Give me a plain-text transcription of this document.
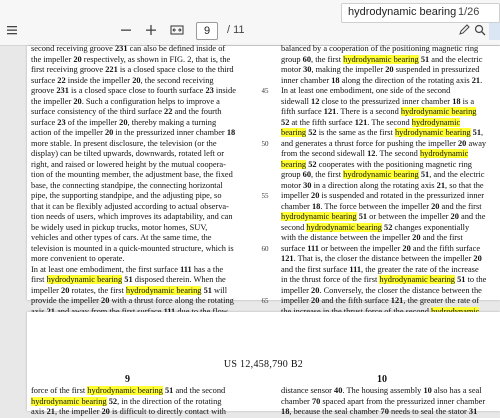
9	/ 11
hydrodynamic bearing 1/26
second receiving groove 231 can also be defined inside of
the impeller 20 respectively, as shown in FIG. 2, that is, the
first receiving groove 221 is a closed space close to the third
surface 22 inside the impeller 20, the second receiving
groove 231 is a closed space close to fourth surface 23 inside
the impeller 20. Such a configuration helps to improve a
surface consistency of the third surface 22 and the fourth
surface 23 of the impeller 20, thereby making a turning
action of the impeller 20 in the pressurized inner chamber 18
more stable. In present disclosure, the television (or the
display) can be tilted upwards, downwards, rotated left or
right, and raised or lowered height by the mutual coopera-
tion of the mounting member, the adjustment base, the fixed
base, the connecting standpipe, the connecting horizontal
pipe, the supporting standpipe, and the adjusting pipe, so
that it can be flexibly adjusted according to actual observa-
tion needs of users, which improves its adaptability, and can
be widely used in pickup trucks, motor homes, SUV,
vehicles and other types of cars. At the same time, the
television is mounted in a quick-mounted structure, which is
more convenient to operate.
In at least one embodiment, the first surface 111 has a the
first hydrodynamic bearing 51 disposed therein. When the
impeller 20 rotates, the first hydrodynamic bearing 51 will
provide the impeller 20 with a thrust force along the rotating
45
50
55
60
65
balanced by a cooperation of the positioning magnetic ring
group 60, the first hydrodynamic bearing 51 and the electric
motor 30, making the impeller 20 suspended in pressurized
inner chamber 18 along the direction of the rotating axis 21.
In at least one embodiment, one side of the second
sidewall 12 close to the pressurized inner chamber 18 is a
fifth surface 121. There is a second hydrodynamic bearing
52 at the fifth surface 121. The second hydrodynamic
bearing 52 is the same as the first hydrodynamic bearing 51,
and generates a thrust force for pushing the impeller 20 away
from the second sidewall 12. The second hydrodynamic
bearing 52 cooperates with the positioning magnetic ring
group 60, the first hydrodynamic bearing 51, and the electric
motor 30 in a direction along the rotating axis 21, so that the
impeller 20 is suspended and rotated in the pressurized inner
chamber 18. The force between the impeller 20 and the first
hydrodynamic bearing 51 or between the impeller 20 and the
second hydrodynamic bearing 52 changes exponentially
with the distance between the impeller 20 and the first
surface 111 or between the impeller 20 and the fifth surface
121. That is, the closer the distance between the impeller 20
and the first surface 111, the greater the rate of the increase
in the thrust force of the first hydrodynamic bearing 51 to the
impeller 20. Conversely, the closer the distance between the
impeller 20 and the fifth surface 121, the greater the rate of
US 12,458,790 B2
9	10
force of the first hydrodynamic bearing 51 and the second
hydrodynamic bearing 52, in the direction of the rotating
axis 21, the impeller 20 is difficult to directly contact with
distance sensor 40. The housing assembly 10 also has a seal
chamber 70 spaced apart from the pressurized inner chamber
18, because the seal chamber 70 needs to seal the stator 31
